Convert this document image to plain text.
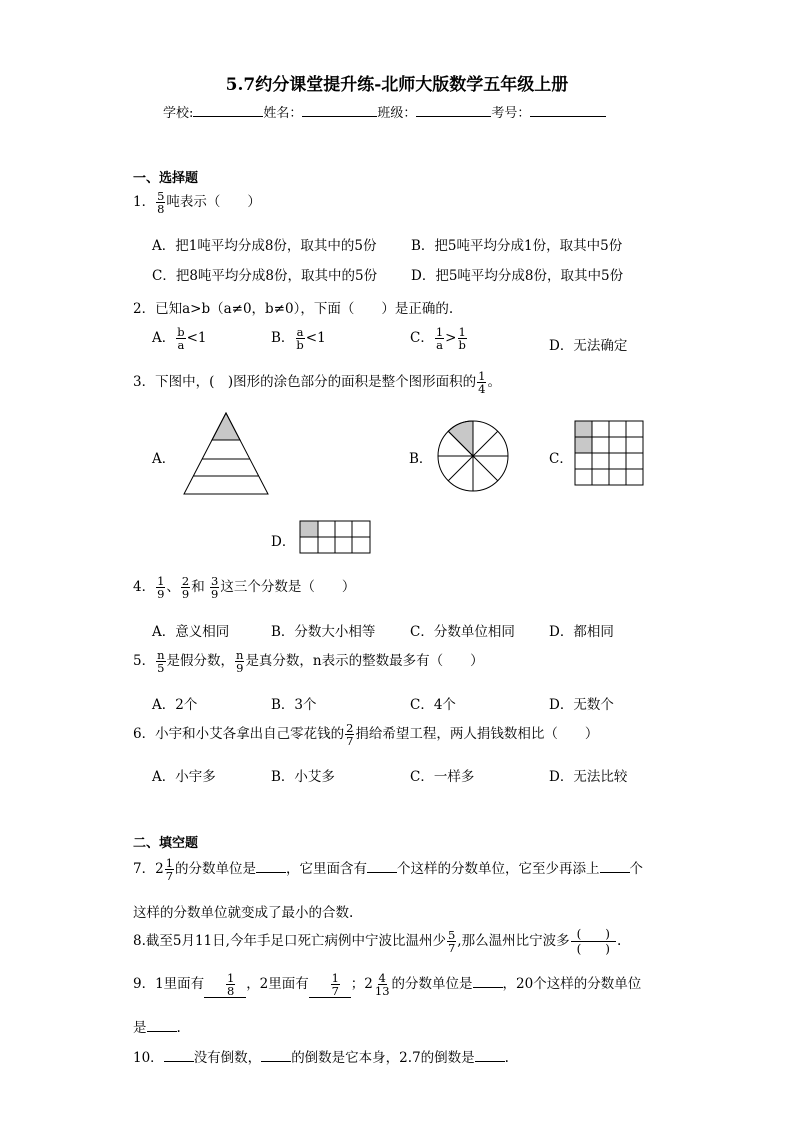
5.7约分课堂提升练-北师大版数学五年级上册
学校:	姓名：	班级：	考号：
一、选择题
1． $\frac{5}{8}$ 吨表示（　　）
A．把1吨平均分成8份，取其中的5份	B．把5吨平均分成1份，取其中5份
C．把8吨平均分成8份，取其中的5份	D．把5吨平均分成8份，取其中5份
2．已知a>b（a≠0，b≠0），下面（　　）是正确的.
A． $\frac{b}{a} <1$	B． $\frac{a}{b} <1$	C． $\frac{1}{a} > \frac{1}{b}$	D．无法确定
3．下图中，(　)图形的涂色部分的面积是整个图形面积的 $\frac{1}{4}$ 。
A．	B．	C．
D．
4． $\frac{1}{9}$ 、 $\frac{2}{9}$ 和 $\frac{3}{9}$ 这三个分数是（　　）
A．意义相同	B．分数大小相等	C．分数单位相同	D．都相同
5． $\frac{n}{5}$ 是假分数， $\frac{n}{9}$ 是真分数，n表示的整数最多有（　　）
A．2个	B．3个	C．4个	D．无数个
6．小宇和小艾各拿出自己零花钱的 $\frac{2}{7}$ 捐给希望工程，两人捐钱数相比（　　）
A．小宇多	B．小艾多	C．一样多	D．无法比较
二、填空题
7．$2 \frac{1}{7}$ 的分数单位是 ，它里面含有 个这样的分数单位，它至少再添上 个
这样的分数单位就变成了最小的合数.
8.截至5月11日,今年手足口死亡病例中宁波比温州少 $\frac{5}{7}$ ,那么温州比宁波多 $\frac{( )}{( )}$ .
9．1里面有 $\frac{1}{8}$ ，2里面有 $\frac{1}{7}$ ；$2 \frac{4}{13}$ 的分数单位是 ，20个这样的分数单位
是 .
10． 没有倒数， 的倒数是它本身，2.7的倒数是 .
